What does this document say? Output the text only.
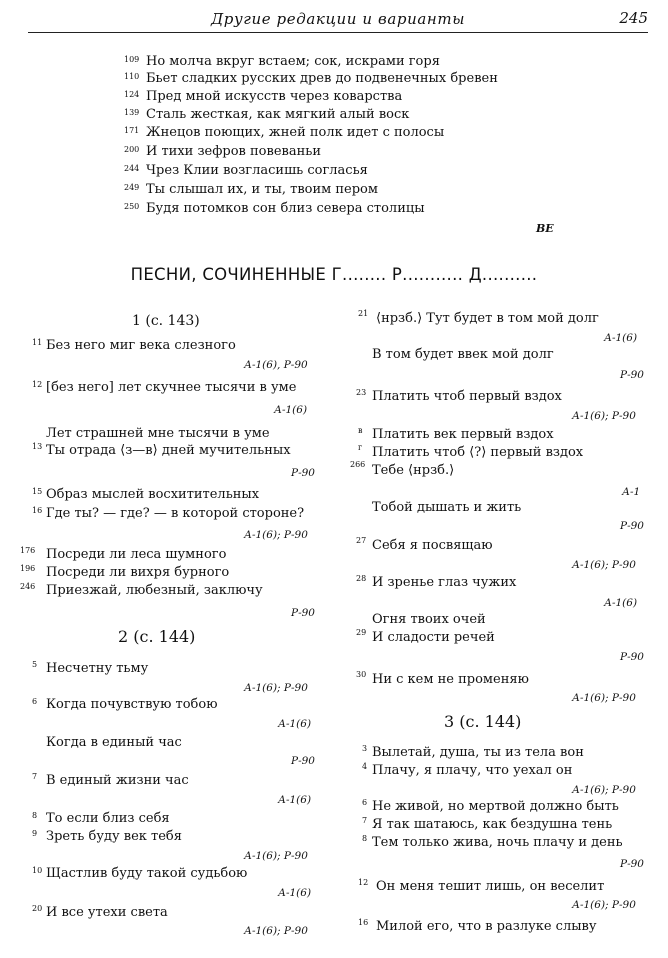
Другие редакции и варианты	245
109 Но молча вкруг встаем; сок, искрами горя
110 Бьет сладких русских древ до подвенечных бревен
124 Пред мной искусств через коварства
139 Сталь жесткая, как мягкий алый воск
171 Жнецов поющих, жней полк идет с полосы
200 И тихи зефров повеваньи
244 Чрез Клии возгласишь согласья
249 Ты слышал их, и ты, твоим пером
250 Будя потомков сон близ севера столицы
ВЕ
ПЕСНИ, СОЧИНЕННЫЕ Г........ Р........... Д..........
1 (с. 143)
11 Без него миг века слезного
А-1(6), Р-90
12 [без него] лет скучнее тысячи в уме
А-1(6)
Лет страшней мне тысячи в уме
13 Ты отрада ⟨з—в⟩ дней мучительных
Р-90
15 Образ мыслей восхитительных
16 Где ты? — где? — в которой стороне?
А-1(6); Р-90
176 Посреди ли леса шумного
196 Посреди ли вихря бурного
246 Приезжай, любезный, заключу
Р-90
2 (с. 144)
5 Несчетну тьму
А-1(6); Р-90
6 Когда почувствую тобою
А-1(6)
Когда в единый час
Р-90
7 В единый жизни час
А-1(6)
8 То если близ себя
9 Зреть буду век тебя
А-1(6); Р-90
10 Щастлив буду такой судьбою
А-1(6)
20 И все утехи света
А-1(6); Р-90
21 ⟨нрзб.⟩ Тут будет в том мой долг
А-1(6)
В том будет ввек мой долг
Р-90
23 Платить чтоб первый вздох
А-1(6); Р-90
в Платить век первый вздох
г Платить чтоб ⟨?⟩ первый вздох
266 Тебе ⟨нрзб.⟩
А-1
Тобой дышать и жить
Р-90
27 Себя я посвящаю
А-1(6); Р-90
28 И зренье глаз чужих
А-1(6)
Огня твоих очей
29 И сладости речей
Р-90
30 Ни с кем не променяю
А-1(6); Р-90
3 (с. 144)
3 Вылетай, душа, ты из тела вон
4 Плачу, я плачу, что уехал он
А-1(6); Р-90
6 Не живой, но мертвой должно быть
7 Я так шатаюсь, как бездушна тень
8 Тем только жива, ночь плачу и день
Р-90
12 Он меня тешит лишь, он веселит
А-1(6); Р-90
16 Милой его, что в разлуке слыву
